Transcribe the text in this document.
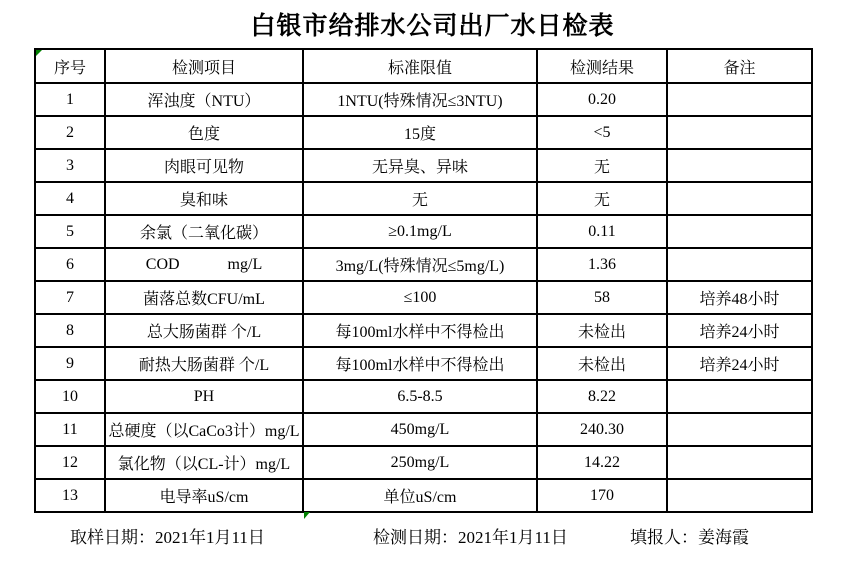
白银市给排水公司出厂水日检表
序号	检测项目	标准限值	检测结果	备注
1	浑浊度（NTU）	1NTU(特殊情况≤3NTU)	0.20	
2	色度	15度	<5	
3	肉眼可见物	无异臭、异味	无	
4	臭和味	无	无	
5	余氯（二氧化碳）	≥0.1mg/L	0.11	
6	COD            mg/L	3mg/L(特殊情况≤5mg/L)	1.36	
7	菌落总数CFU/mL	≤100	58	培养48小时
8	总大肠菌群 个/L	每100ml水样中不得检出	未检出	培养24小时
9	耐热大肠菌群 个/L	每100ml水样中不得检出	未检出	培养24小时
10	PH	6.5-8.5	8.22	
11	总硬度（以CaCo3计）mg/L	450mg/L	240.30	
12	氯化物（以CL-计）mg/L	250mg/L	14.22	
13	电导率uS/cm	单位uS/cm	170	
取样日期：2021年1月11日	检测日期：2021年1月11日	填报人：姜海霞
